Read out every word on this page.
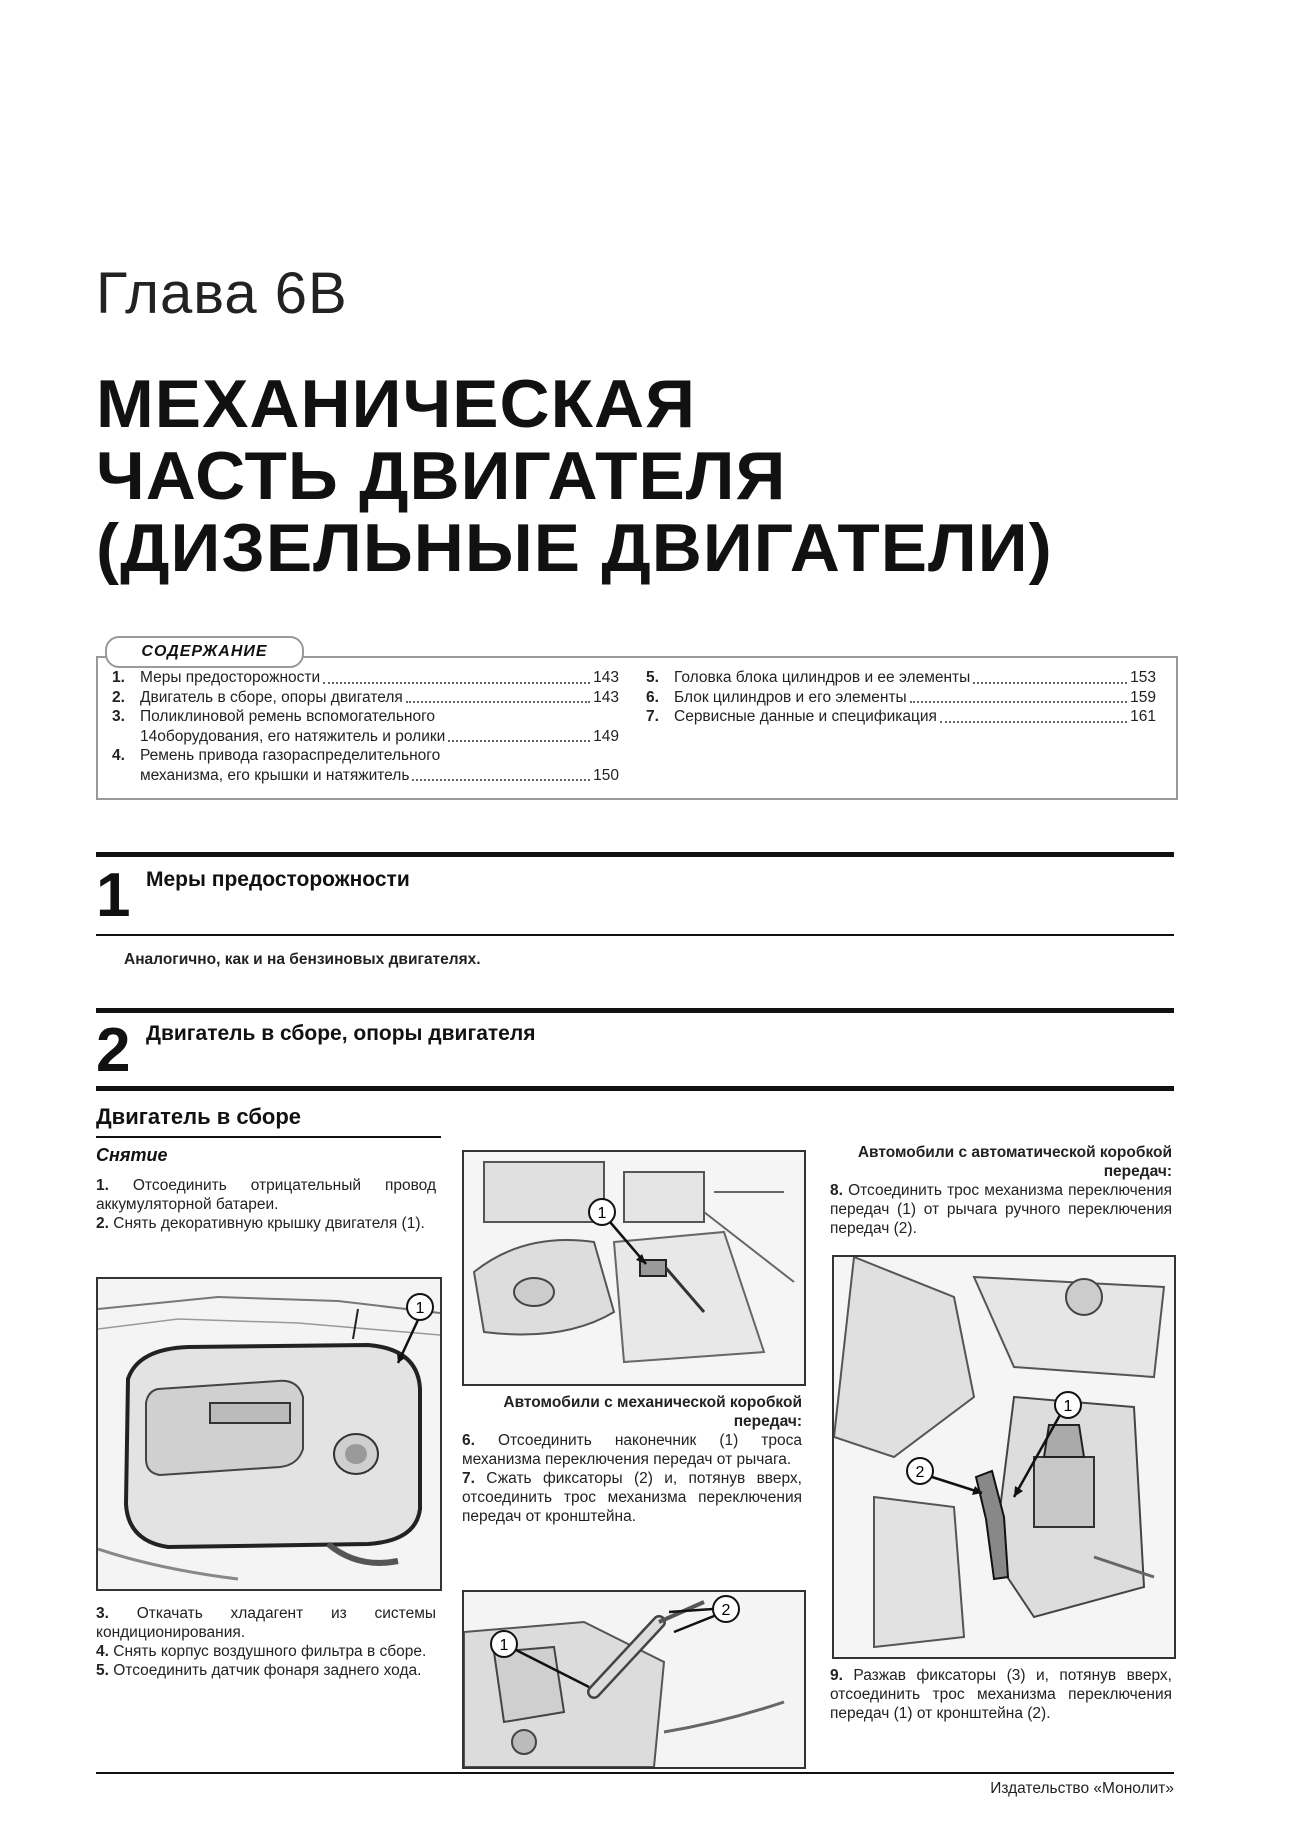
Глава 6В
МЕХАНИЧЕСКАЯ
ЧАСТЬ ДВИГАТЕЛЯ
(ДИЗЕЛЬНЫЕ ДВИГАТЕЛИ)
СОДЕРЖАНИЕ
1. Меры предосторожности	143
2. Двигатель в сборе, опоры двигателя	143
3. Поликлиновой ремень вспомогательного
14оборудования, его натяжитель и ролики	149
4. Ремень привода газораспределительного
механизма, его крышки и натяжитель	150
5. Головка блока цилиндров и ее элементы	153
6. Блок цилиндров и его элементы	159
7. Сервисные данные и спецификация	161
1 Меры предосторожности
Аналогично, как и на бензиновых двигателях.
2 Двигатель в сборе, опоры двигателя
Двигатель в сборе
Снятие

1. Отсоединить отрицательный провод аккумуляторной батареи.

2. Снять декоративную крышку двигателя (1).

1

3. Откачать хладагент из системы кондиционирования.

4. Снять корпус воздушного фильтра в сборе.

5. Отсоединить датчик фонаря заднего хода.

1

Автомобили с механической коробкой передач:

6. Отсоединить наконечник (1) троса механизма переключения передач от рычага.

7. Сжать фиксаторы (2) и, потянув вверх, отсоединить трос механизма переключения передач от кронштейна.

1
2

Автомобили с автоматической коробкой передач:

8. Отсоединить трос механизма переключения передач (1) от рычага ручного переключения передач (2).

1
2

9. Разжав фиксаторы (3) и, потянув вверх, отсоединить трос механизма переключения передач (1) от кронштейна (2).

Издательство «Монолит»
